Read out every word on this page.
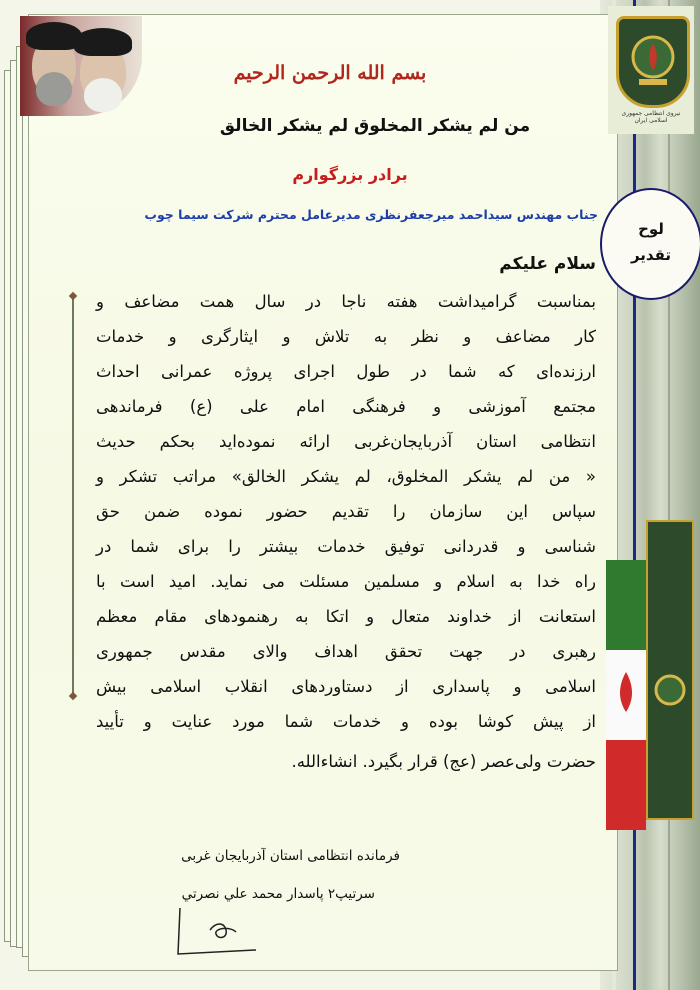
نیروی انتظامی جمهوری اسلامی ایران
لوح
تقدیر
بسم الله الرحمن الرحيم
من لم يشكر المخلوق لم يشكر الخالق
برادر بزرگوارم
جناب مهندس سیداحمد میرجعفرنظری مدیرعامل محترم شرکت سیما چوب
سلام علیکم
بمناسبت گرامیداشت هفته ناجا در سال همت مضاعف و
کار مضاعف و نظر به تلاش و ایثارگری و خدمات
ارزنده‌ای که شما در طول اجرای پروژه عمرانی احداث
مجتمع آموزشی و فرهنگی امام علی (ع) فرماندهی
انتظامی استان آذربایجان‌غربی ارائه نموده‌اید بحکم حدیث
« من لم یشکر المخلوق، لم یشکر الخالق» مراتب تشکر و
سپاس این سازمان را تقدیم حضور نموده ضمن حق
شناسی و قدردانی توفیق خدمات بیشتر را برای شما در
راه خدا به اسلام و مسلمین مسئلت می نماید. امید است با
استعانت از خداوند متعال و اتکا به رهنمودهای مقام معظم
رهبری در جهت تحقق اهداف والای مقدس جمهوری
اسلامی و پاسداری از دستاوردهای انقلاب اسلامی بیش
از پیش کوشا بوده و خدمات شما مورد عنایت و تأیید
حضرت ولی‌عصر (عج) قرار بگیرد. انشاءالله.
فرمانده انتظامی استان آذربایجان غربی
سرتیپ۲ پاسدار محمد علي نصرتي
